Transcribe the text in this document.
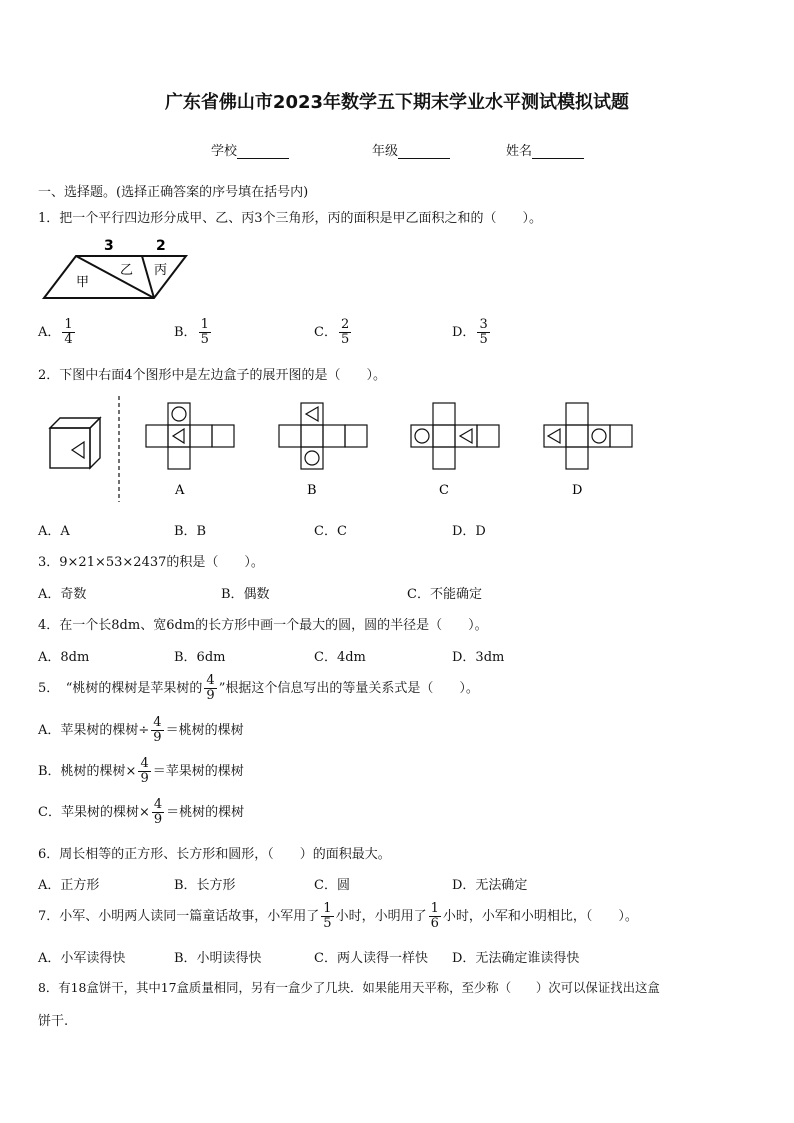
广东省佛山市2023年数学五下期末学业水平测试模拟试题
学校	年级	姓名
一、选择题。(选择正确答案的序号填在括号内)
1．把一个平行四边形分成甲、乙、丙3个三角形，丙的面积是甲乙面积之和的（　　）。
3	2
甲
乙 丙
A． $\frac{1}{4}$	B． $\frac{1}{5}$	C． $\frac{2}{5}$	D． $\frac{3}{5}$
2．下图中右面4个图形中是左边盒子的展开图的是（　　）。
A	B	C	D
A．A	B．B	C．C	D．D
3．9×21×53×2437的积是（　　）。
A．奇数	B．偶数	C．不能确定
4．在一个长8dm、宽6dm的长方形中画一个最大的圆，圆的半径是（　　）。
A．8dm	B．6dm	C．4dm	D．3dm
5．　“桃树的棵树是苹果树的 $\frac{4}{9}$ ”根据这个信息写出的等量关系式是（　　）。
A．苹果树的棵树÷ $\frac{4}{9}$ ＝桃树的棵树
B．桃树的棵树× $\frac{4}{9}$ ＝苹果树的棵树
C．苹果树的棵树× $\frac{4}{9}$ ＝桃树的棵树
6．周长相等的正方形、长方形和圆形，（　　）的面积最大。
A．正方形	B．长方形	C．圆	D．无法确定
7．小军、小明两人读同一篇童话故事，小军用了 $\frac{1}{5}$ 小时，小明用了 $\frac{1}{6}$ 小时，小军和小明相比，（　　）。
A．小军读得快	B．小明读得快	C．两人读得一样快 D．无法确定谁读得快
8．有18盒饼干，其中17盒质量相同，另有一盒少了几块．如果能用天平称，至少称（　　）次可以保证找出这盒
饼干.
